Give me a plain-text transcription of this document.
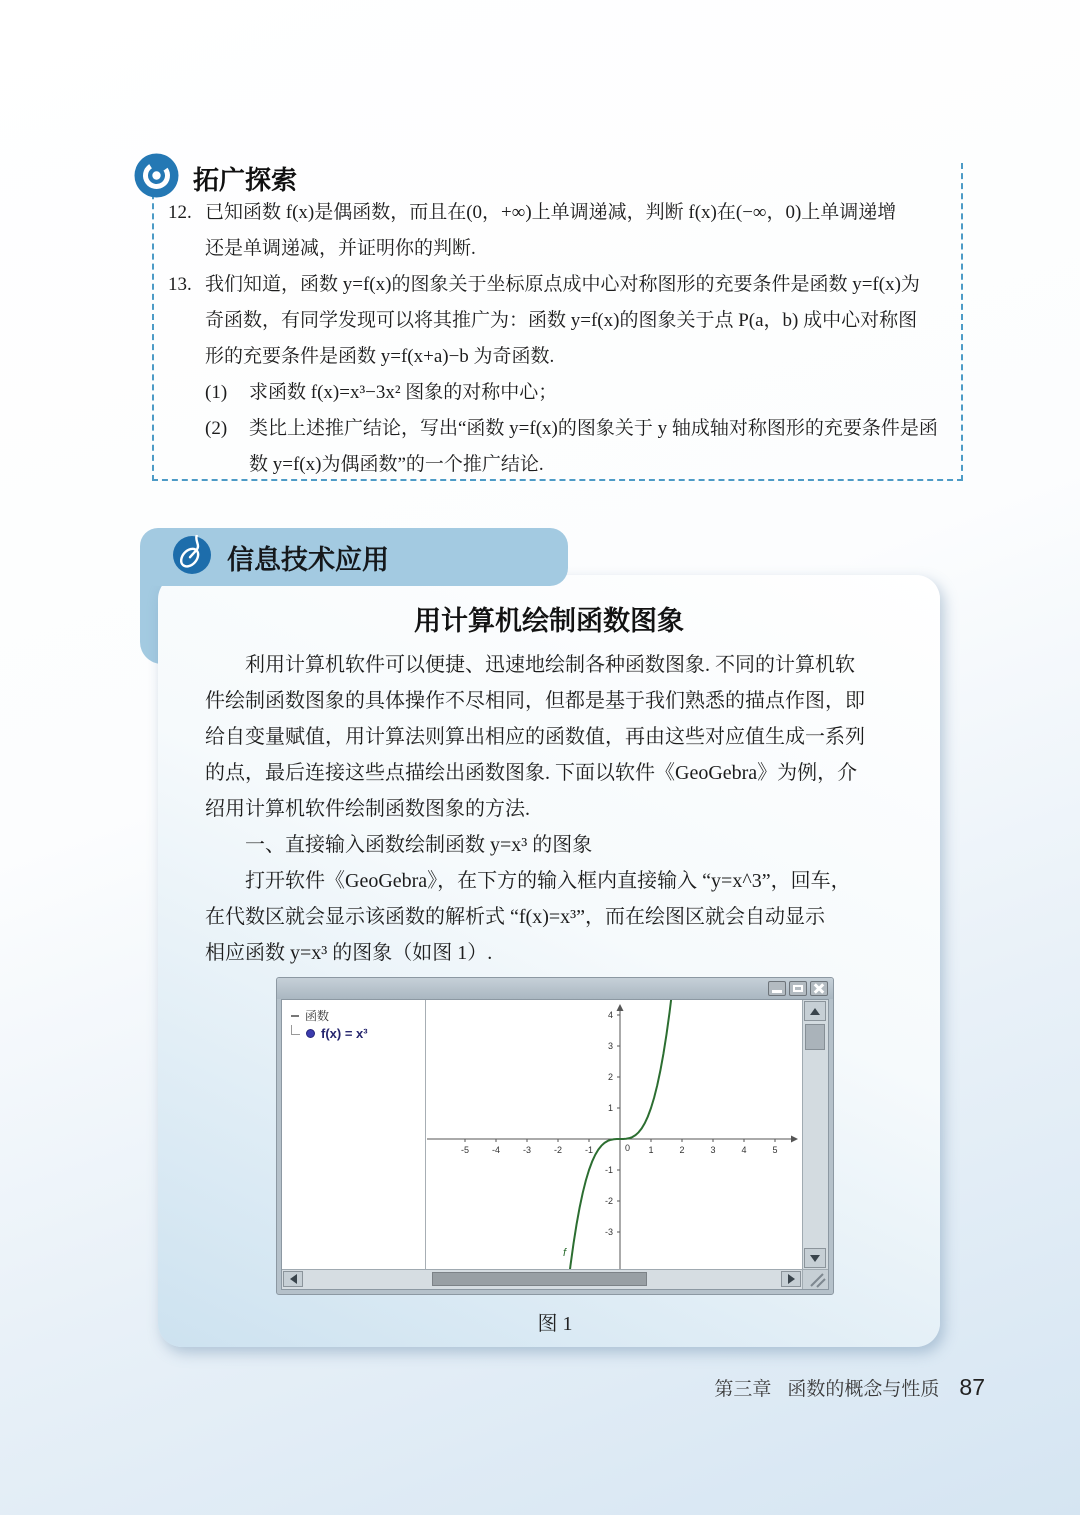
拓广探索
12. 已知函数 f(x)是偶函数，而且在(0，+∞)上单调递减，判断 f(x)在(−∞，0)上单调递增
还是单调递减，并证明你的判断.
13. 我们知道，函数 y=f(x)的图象关于坐标原点成中心对称图形的充要条件是函数 y=f(x)为
奇函数，有同学发现可以将其推广为：函数 y=f(x)的图象关于点 P(a，b) 成中心对称图
形的充要条件是函数 y=f(x+a)−b 为奇函数.
(1) 求函数 f(x)=x³−3x² 图象的对称中心；
(2) 类比上述推广结论，写出“函数 y=f(x)的图象关于 y 轴成轴对称图形的充要条件是函
数 y=f(x)为偶函数”的一个推广结论.
用计算机绘制函数图象
利用计算机软件可以便捷、迅速地绘制各种函数图象. 不同的计算机软
件绘制函数图象的具体操作不尽相同，但都是基于我们熟悉的描点作图，即
给自变量赋值，用计算法则算出相应的函数值，再由这些对应值生成一系列
的点，最后连接这些点描绘出函数图象. 下面以软件《GeoGebra》为例，介
绍用计算机软件绘制函数图象的方法.
一、直接输入函数绘制函数 y=x³ 的图象
打开软件《GeoGebra》，在下方的输入框内直接输入 “y=x^3”，回车，
在代数区就会显示该函数的解析式 “f(x)=x³”，而在绘图区就会自动显示
相应函数 y=x³ 的图象（如图 1）.
函数
f(x) = x³
-5	-4	-3	-2	-1	1	2	3	4	5
4
3
2
1
-1
-2
-3
0
f
图 1
信息技术应用
第三章 函数的概念与性质 87
